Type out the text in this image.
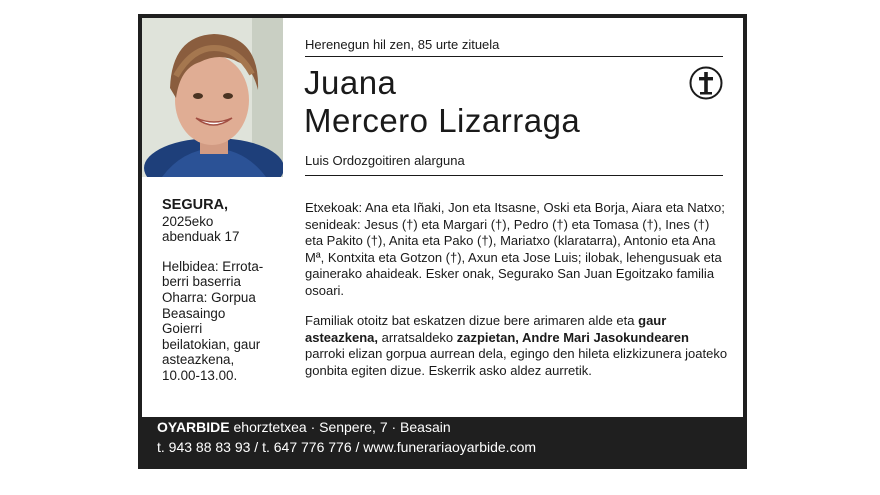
SEGURA,
2025eko
abenduak 17
Helbidea: Errota-
berri baserria
Oharra: Gorpua
Beasaingo
Goierri
beilatokian, gaur
asteazkena,
10.00-13.00.
Herenegun hil zen, 85 urte zituela
Juana
Mercero Lizarraga
Luis Ordozgoitiren alarguna
Etxekoak: Ana eta Iñaki, Jon eta Itsasne, Oski eta Borja, Aiara eta Natxo; senideak: Jesus (†) eta Margari (†), Pedro (†) eta Tomasa (†), Ines (†) eta Pakito (†), Anita eta Pako (†), Mariatxo (klaratarra), Antonio eta Ana Mª, Kontxita eta Gotzon (†), Axun eta Jose Luis; ilobak, lehengusuak eta gainerako ahaideak. Esker onak, Segurako San Juan Egoitzako familia osoari.
Familiak otoitz bat eskatzen dizue bere arimaren alde eta gaur asteazkena, arratsaldeko zazpietan, Andre Mari Jasokundearen parroki elizan gorpua aurrean dela, egingo den hileta elizkizunera joateko gonbita egiten dizue. Eskerrik asko aldez aurretik.
OYARBIDE ehorztetxea · Senpere, 7 · Beasain
t. 943 88 83 93 / t. 647 776 776 / www.funerariaoyarbide.com
